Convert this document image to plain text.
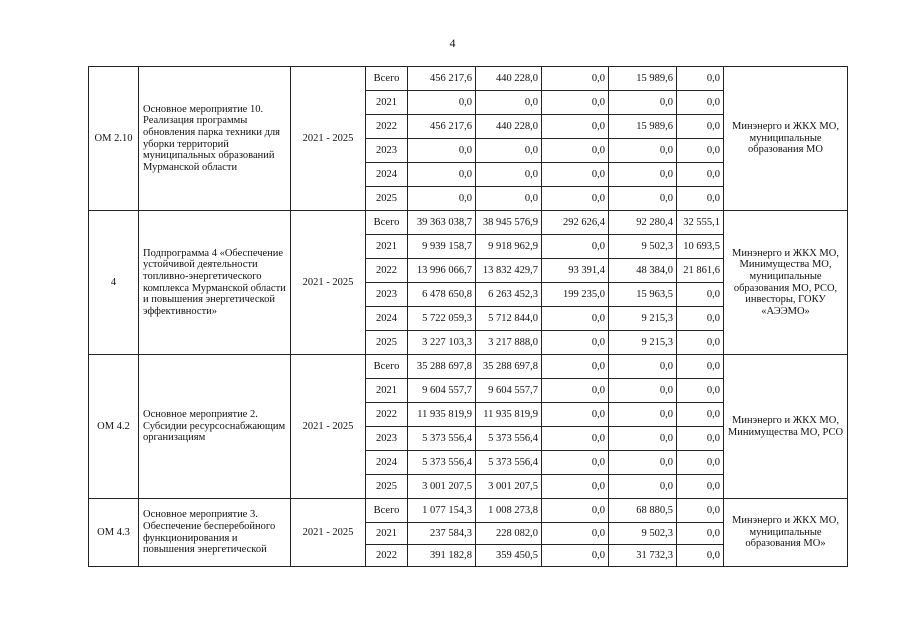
4
ОМ 2.10	Основное мероприятие 10. Реализация программы обновления парка техники для уборки территорий муниципальных образований Мурманской области	2021 - 2025	Всего	456 217,6	440 228,0	0,0	15 989,6	0,0	Минэнерго и ЖКХ МО, муниципальные образования МО
			2021	0,0	0,0	0,0	0,0	0,0	
			2022	456 217,6	440 228,0	0,0	15 989,6	0,0	
			2023	0,0	0,0	0,0	0,0	0,0	
			2024	0,0	0,0	0,0	0,0	0,0	
			2025	0,0	0,0	0,0	0,0	0,0	
4	Подпрограмма 4 «Обеспечение устойчивой деятельности топливно-энергетического комплекса Мурманской области и повышения энергетической эффективности»	2021 - 2025	Всего	39 363 038,7	38 945 576,9	292 626,4	92 280,4	32 555,1	Минэнерго и ЖКХ МО, Минимущества МО, муниципальные образования МО, РСО, инвесторы, ГОКУ «АЭЭМО»
			2021	9 939 158,7	9 918 962,9	0,0	9 502,3	10 693,5	
			2022	13 996 066,7	13 832 429,7	93 391,4	48 384,0	21 861,6	
			2023	6 478 650,8	6 263 452,3	199 235,0	15 963,5	0,0	
			2024	5 722 059,3	5 712 844,0	0,0	9 215,3	0,0	
			2025	3 227 103,3	3 217 888,0	0,0	9 215,3	0,0	
ОМ 4.2	Основное мероприятие 2. Субсидии ресурсоснабжающим организациям	2021 - 2025	Всего	35 288 697,8	35 288 697,8	0,0	0,0	0,0	Минэнерго и ЖКХ МО, Минимущества МО, РСО
			2021	9 604 557,7	9 604 557,7	0,0	0,0	0,0	
			2022	11 935 819,9	11 935 819,9	0,0	0,0	0,0	
			2023	5 373 556,4	5 373 556,4	0,0	0,0	0,0	
			2024	5 373 556,4	5 373 556,4	0,0	0,0	0,0	
			2025	3 001 207,5	3 001 207,5	0,0	0,0	0,0	
ОМ 4.3	Основное мероприятие 3. Обеспечение бесперебойного функционирования и повышения энергетической	2021 - 2025	Всего	1 077 154,3	1 008 273,8	0,0	68 880,5	0,0	Минэнерго и ЖКХ МО, муниципальные образования МО»
			2021	237 584,3	228 082,0	0,0	9 502,3	0,0	
			2022	391 182,8	359 450,5	0,0	31 732,3	0,0	
